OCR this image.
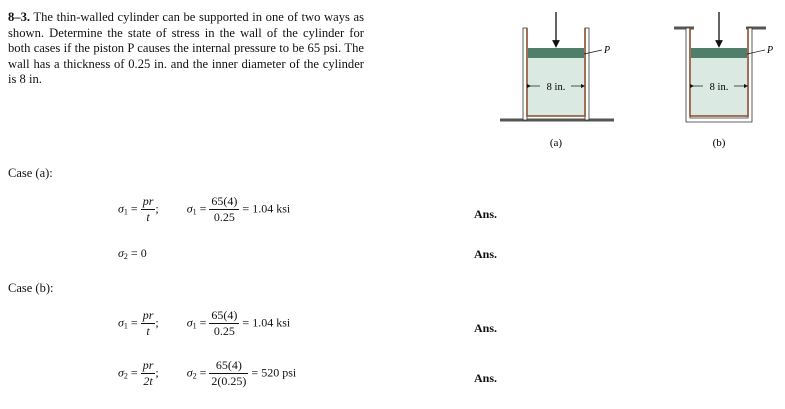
8–3. The thin-walled cylinder can be supported in one of two ways as shown. Determine the state of stress in the wall of the cylinder for both cases if the piston P causes the internal pressure to be 65 psi. The wall has a thickness of 0.25 in. and the inner diameter of the cylinder is 8 in.
P
8 in.
(a)
P
8 in.
(b)
Case (a):
$\sigma_1 = \frac{pr}{t}$ ; $\sigma_1 = \frac{65(4)}{0.25} = 1.04$ ksi	Ans.
$\sigma_2 = 0$	Ans.
Case (b):
$\sigma_1 = \frac{pr}{t}$ ; $\sigma_1 = \frac{65(4)}{0.25} = 1.04$ ksi	Ans.
$\sigma_2 = \frac{pr}{2t}$ ; $\sigma_2 = \frac{65(4)}{2(0.25)} = 520$ psi	Ans.
